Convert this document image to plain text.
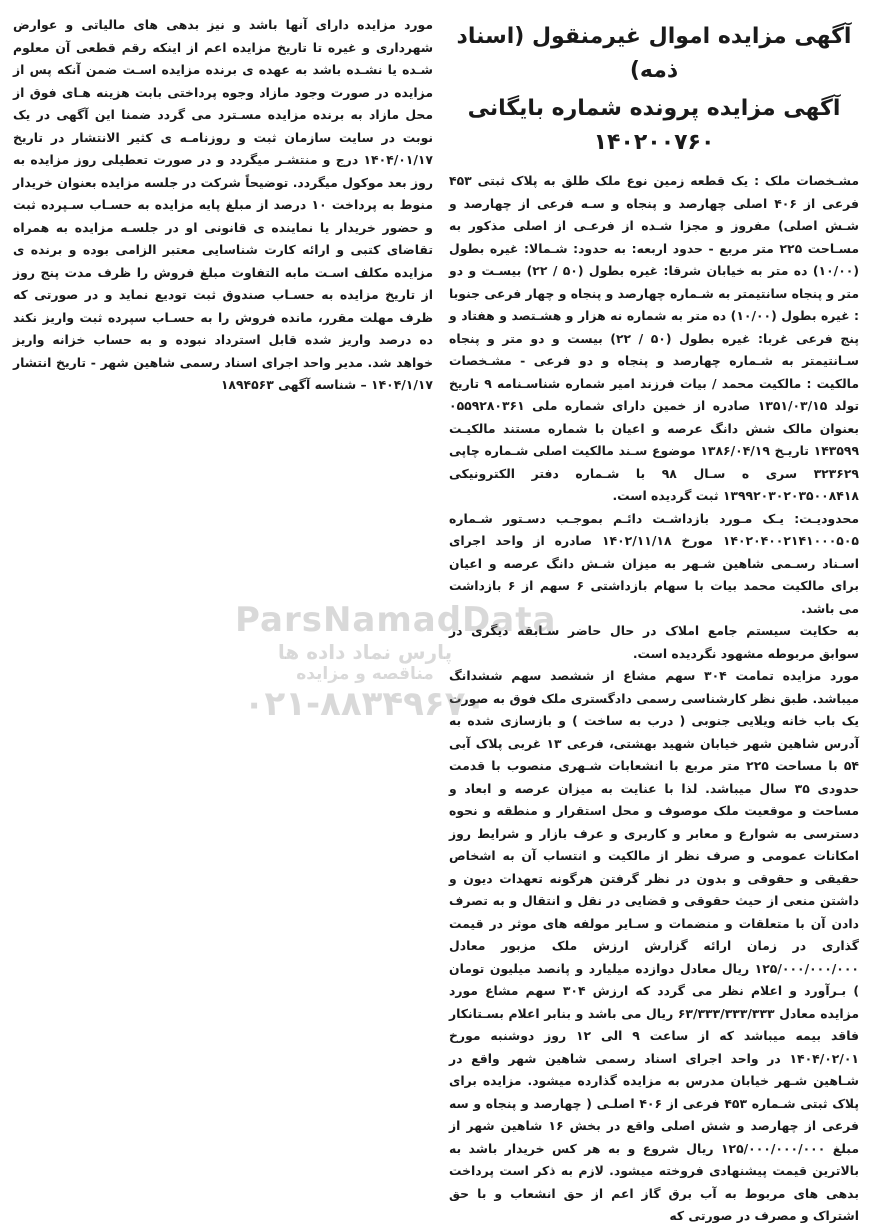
آگهی مزایده اموال غیرمنقول (اسناد ذمه)
آگهی مزایده پرونده شماره بایگانی
۱۴۰۲۰۰۷۶۰
مشـخصات ملک : یک قطعه زمین نوع ملک طلق به پلاک ثبتی ۴۵۳ فرعی از ۴۰۶ اصلی چهارصد و پنجاه و سـه فرعی از چهارصد و شـش اصلی) مفروز و مجزا شـده از فرعـی از اصلی مذکور به مسـاحت ۲۲۵ متر مربع - حدود اربعه: به حدود: شـمالا: غیره بطول (۱۰/۰۰) ده متر به خیابان شرقا: غیره بطول (۵۰ / ۲۲) بیسـت و دو متر و پنجاه سانتیمتر به شـماره چهارصد و پنجاه و چهار فرعی جنوبا : غیره بطول (۱۰/۰۰) ده متر به شماره نه هزار و هشـتصد و هفتاد و پنج فرعی غربا: غیره بطول (۵۰ / ۲۲) بیست و دو متر و پنجاه سـانتیمتر به شـماره چهارصد و پنجاه و دو فرعی - مشـخصات مالکیت : مالکیت محمد / بیات فرزند امیر شماره شناسـنامه ۹ تاریخ تولد ۱۳۵۱/۰۳/۱۵ صادره از خمین دارای شماره ملی ۰۵۵۹۲۸۰۳۶۱ بعنوان مالک شش دانگ عرصه و اعیان با شماره مستند مالکیـت ۱۴۳۵۹۹ تاریـخ ۱۳۸۶/۰۴/۱۹ موضوع سـند مالکیت اصلی شـماره چاپی ۳۲۳۶۲۹ سری ه سـال ۹۸ با شـماره دفتر الکترونیکی ۱۳۹۹۲۰۳۰۲۰۳۵۰۰۸۴۱۸ ثبت گردیده است.
محدودیـت: یـک مـورد بازداشـت دائـم بموجـب دسـتور شـماره ۱۴۰۲۰۴۰۰۲۱۴۱۰۰۰۵۰۵ مورخ ۱۴۰۲/۱۱/۱۸ صادره از واحد اجرای اسـناد رسـمی شاهین شـهر به میزان شـش دانگ عرصه و اعیان برای مالکیت محمد بیات با سهام بازداشتی ۶ سهم از ۶ بازداشت می باشد.
به حکایت سیستم جامع املاک در حال حاضر سـابقه دیگری در سوابق مربوطه مشهود نگردیده است.
مورد مزایده تمامت ۳۰۴ سهم مشاع از ششصد سهم ششدانگ میباشد. طبق نظر کارشناسی رسمی دادگستری ملک فوق به صورت یک باب خانه ویلایی جنوبی ( درب به ساخت ) و بازسازی شده به آدرس شاهین شهر خیابان شهید بهشتی، فرعی ۱۳ غربی پلاک آبی ۵۴ با مساحت ۲۲۵ متر مربع با انشعابات شـهری منصوب با قدمت حدودی ۳۵ سال میباشد. لذا با عنایت به میزان عرصه و ابعاد و مساحت و موقعیت ملک موصوف و محل استقرار و منطقه و نحوه دسترسی به شوارع و معابر و کاربری و عرف بازار و شرایط روز امکانات عمومی و صرف نظر از مالکیت و انتساب آن به اشخاص حقیقی و حقوقی و بدون در نظر گرفتن هرگونه تعهدات دیون و داشتن منعی از حیث حقوقی و قضایی در نقل و انتقال و به تصرف دادن آن با متعلقات و منضمات و سـایر مولفه های موثر در قیمت گذاری در زمان ارائه گزارش ارزش ملک مزبور معادل ۱۲۵/۰۰۰/۰۰۰/۰۰۰ ریال معادل دوازده میلیارد و پانصد میلیون تومان ) بـرآورد و اعلام نظر می گردد که ارزش ۳۰۴ سهم مشاع مورد مزایده معادل ۶۳/۳۳۳/۳۳۳/۳۳۳ ریال می باشد و بنابر اعلام بسـتانکار فاقد بیمه میباشد که از ساعت ۹ الی ۱۲ روز دوشنبه مورخ ۱۴۰۴/۰۲/۰۱ در واحد اجرای اسناد رسمی شاهین شهر واقع در شـاهین شـهر خیابان مدرس به مزایده گذارده میشود. مزایده برای پلاک ثبتی شـماره ۴۵۳ فرعی از ۴۰۶ اصلـی ( چهارصد و پنجاه و سه فرعی از چهارصد و شش اصلی واقع در بخش ۱۶ شاهین شهر از مبلغ ۱۲۵/۰۰۰/۰۰۰/۰۰۰ ریال شروع و به هر کس خریدار باشد به بالاترین قیمت پیشنهادی فروخته میشود. لازم به ذکر است پرداخت بدهی های مربوط به آب برق گاز اعم از حق انشعاب و با حق اشتراک و مصرف در صورتی که
مورد مزایده دارای آنها باشد و نیز بدهی های مالیاتی و عوارض شهرداری و غیره تا تاریخ مزایده اعم از اینکه رقم قطعی آن معلوم شـده یا نشـده باشد به عهده ی برنده مزایده اسـت ضمن آنکه پس از مزایده در صورت وجود مازاد وجوه پرداختی بابت هزینه هـای فوق از محل مازاد به برنده مزایده مسـترد می گردد ضمنا این آگهی در یک نوبت در سایت سازمان ثبت و روزنامـه ی کثیر الانتشار در تاریخ ۱۴۰۴/۰۱/۱۷ درج و منتشـر میگردد و در صورت تعطیلی روز مزایده به روز بعد موکول میگردد. توضیحاً شرکت در جلسه مزایده بعنوان خریدار منوط به پرداخت ۱۰ درصد از مبلغ پایه مزایده به حسـاب سـپرده ثبت و حضور خریدار یا نماینده ی قانونی او در جلسـه مزایده به همراه تقاضای کتبی و ارائه کارت شناسایی معتبر الزامی بوده و برنده ی مزایده مکلف اسـت مابه التفاوت مبلغ فروش را ظرف مدت پنج روز از تاریخ مزایده به حسـاب صندوق ثبت تودیع نماید و در صورتی که ظرف مهلت مقرر، مانده فروش را به حسـاب سپرده ثبت واریز نکند ده درصد واریز شده قابل استرداد نبوده و به حساب خزانه واریز خواهد شد. مدیر واحد اجرای اسناد رسمی شاهین شهر - تاریخ انتشار ۱۴۰۴/۱/۱۷ – شناسه آگهی ۱۸۹۴۵۶۳
ParsNamadData
پارس نماد داده ها
مناقصه و مزایده
۰۲۱-۸۸۳۴۹۶۷۰
